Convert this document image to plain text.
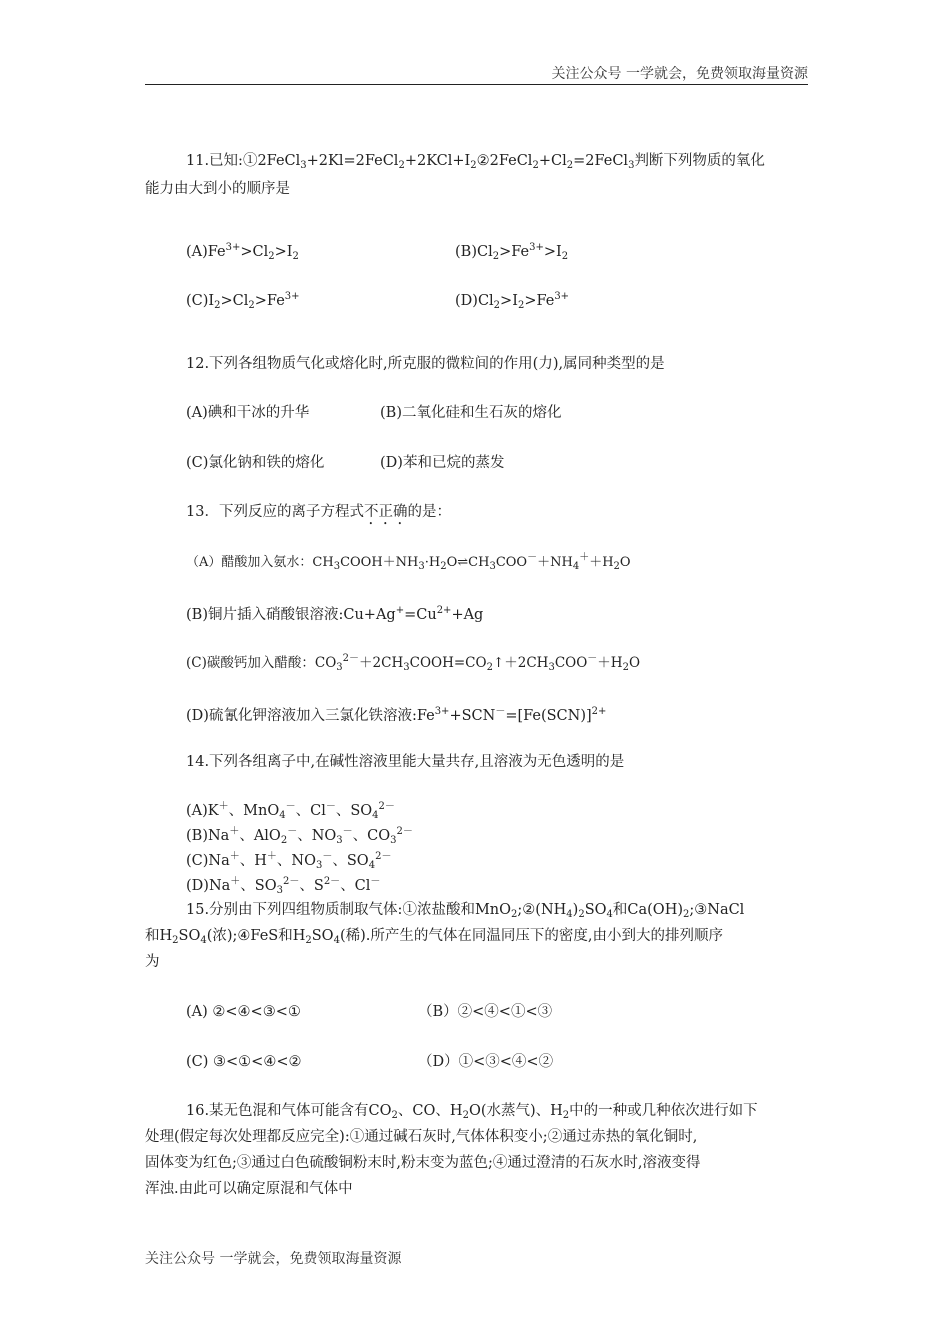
关注公众号 一学就会，免费领取海量资源
11.已知$:①2FeCl_3+2Kl=2FeCl_2+2KCl+I_2②2FeCl_2+Cl_2=2FeCl_3$判断下列物质的氧化
能力由大到小的顺序是
$(A)Fe^{3+}>Cl_2>I_2$	$(B)Cl_2>Fe^{3+}>I_2$
$(C)I_2>Cl_2>Fe^{3+}$	$(D)Cl_2>I_2>Fe^{3+}$
12.下列各组物质气化或熔化时,所克服的微粒间的作用(力),属同种类型的是
(A)碘和干冰的升华	(B)二氧化硅和生石灰的熔化
(C)氯化钠和铁的熔化	(D)苯和已烷的蒸发
13．下列反应的离子方程式不正确的是：
（A）醋酸加入氨水：$CH_3COOH+NH_3\cdot H_2O\rightleftharpoons CH_3COO^-+NH_4^++H_2O$
(B)铜片插入硝酸银溶液$:Cu+Ag^+=Cu^{2+}+Ag$
(C)碳酸钙加入醋酸：$CO_3^{2-}+2CH_3COOH=CO_2↑+2CH_3COO^-+H_2O$
(D)硫氰化钾溶液加入三氯化铁溶液$:Fe^{3+}+SCN^-=[Fe(SCN)]^{2+}$
14.下列各组离子中,在碱性溶液里能大量共存,且溶液为无色透明的是
(A)K＋、MnO$_4$－、Cl－、$SO_4^{2-}$
(B)Na＋、AlO$_2$－、$NO_3^-$、$CO_3^{2-}$
(C)Na＋、H＋、$NO_3^-$、$SO_4^{2-}$
(D)Na＋、$SO_3^{2-}$、$S^{2-}$、Cl－
15.分别由下列四组物质制取气体:①浓盐酸和$MnO_2;②(NH_4)_2SO_4$和$Ca(OH)_2;③NaCl$
和$H_2SO_4$(浓);④FeS和$H_2SO_4$(稀).所产生的气体在同温同压下的密度,由小到大的排列顺序
为
(A) ②<④<③<①	（B）②<④<①<③
(C) ③<①<④<②	（D）①<③<④<②
16.某无色混和气体可能含有$CO_2$、CO、$H_2O$(水蒸气)、$H_2$中的一种或几种依次进行如下
处理(假定每次处理都反应完全):①通过碱石灰时,气体体积变小;②通过赤热的氧化铜时,
固体变为红色;③通过白色硫酸铜粉末时,粉末变为蓝色;④通过澄清的石灰水时,溶液变得
浑浊.由此可以确定原混和气体中
关注公众号 一学就会，免费领取海量资源
